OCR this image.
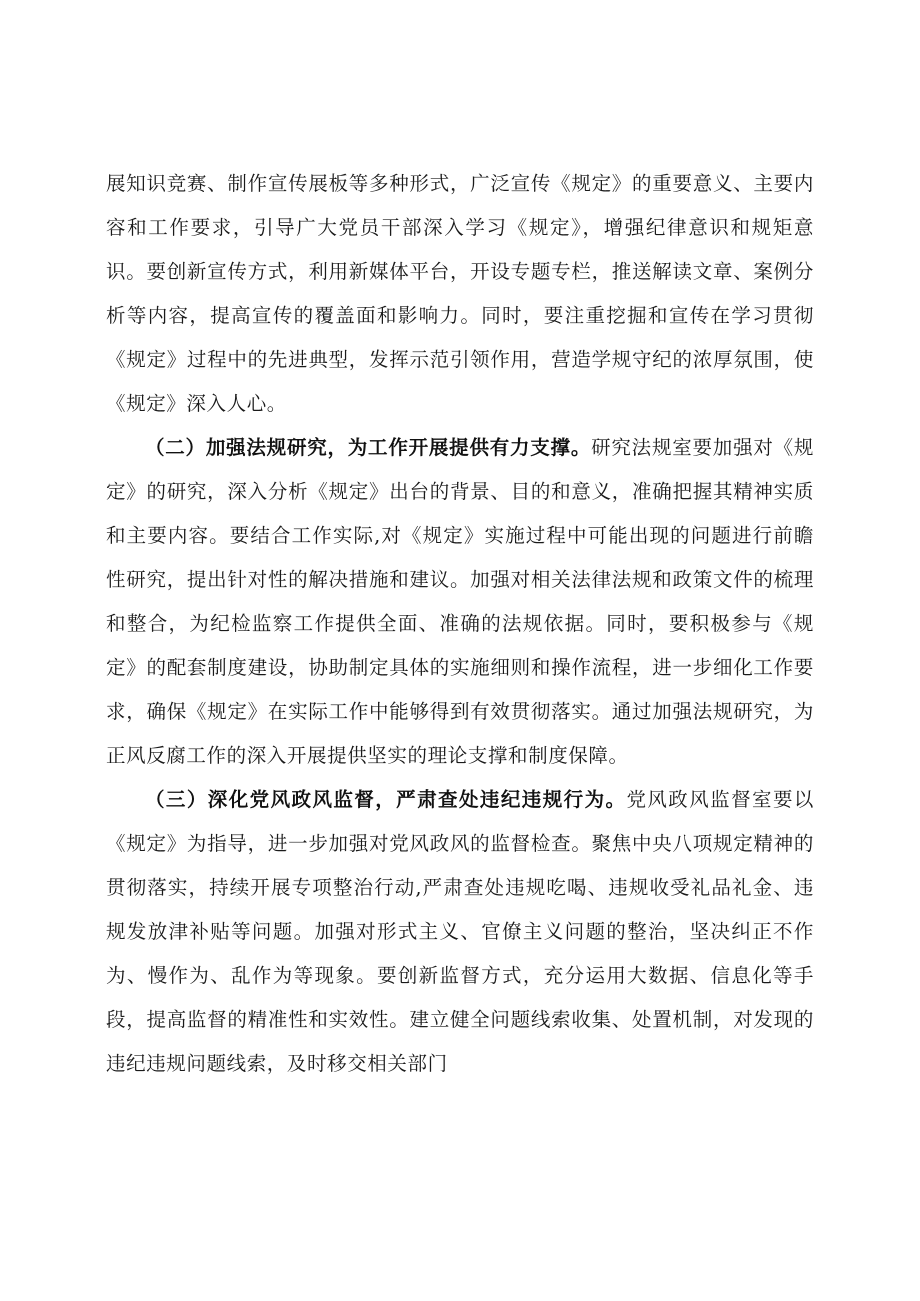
展知识竞赛、制作宣传展板等多种形式，广泛宣传《规定》的重要意义、主要内容和工作要求，引导广大党员干部深入学习《规定》，增强纪律意识和规矩意识。要创新宣传方式，利用新媒体平台，开设专题专栏，推送解读文章、案例分析等内容，提高宣传的覆盖面和影响力。同时，要注重挖掘和宣传在学习贯彻《规定》过程中的先进典型，发挥示范引领作用，营造学规守纪的浓厚氛围，使《规定》深入人心。

（二）加强法规研究，为工作开展提供有力支撑。研究法规室要加强对《规定》的研究，深入分析《规定》出台的背景、目的和意义，准确把握其精神实质和主要内容。要结合工作实际,对《规定》实施过程中可能出现的问题进行前瞻性研究，提出针对性的解决措施和建议。加强对相关法律法规和政策文件的梳理和整合，为纪检监察工作提供全面、准确的法规依据。同时，要积极参与《规定》的配套制度建设，协助制定具体的实施细则和操作流程，进一步细化工作要求，确保《规定》在实际工作中能够得到有效贯彻落实。通过加强法规研究，为正风反腐工作的深入开展提供坚实的理论支撑和制度保障。

（三）深化党风政风监督，严肃查处违纪违规行为。党风政风监督室要以《规定》为指导，进一步加强对党风政风的监督检查。聚焦中央八项规定精神的贯彻落实，持续开展专项整治行动,严肃查处违规吃喝、违规收受礼品礼金、违规发放津补贴等问题。加强对形式主义、官僚主义问题的整治，坚决纠正不作为、慢作为、乱作为等现象。要创新监督方式，充分运用大数据、信息化等手段，提高监督的精准性和实效性。建立健全问题线索收集、处置机制，对发现的违纪违规问题线索，及时移交相关部门
